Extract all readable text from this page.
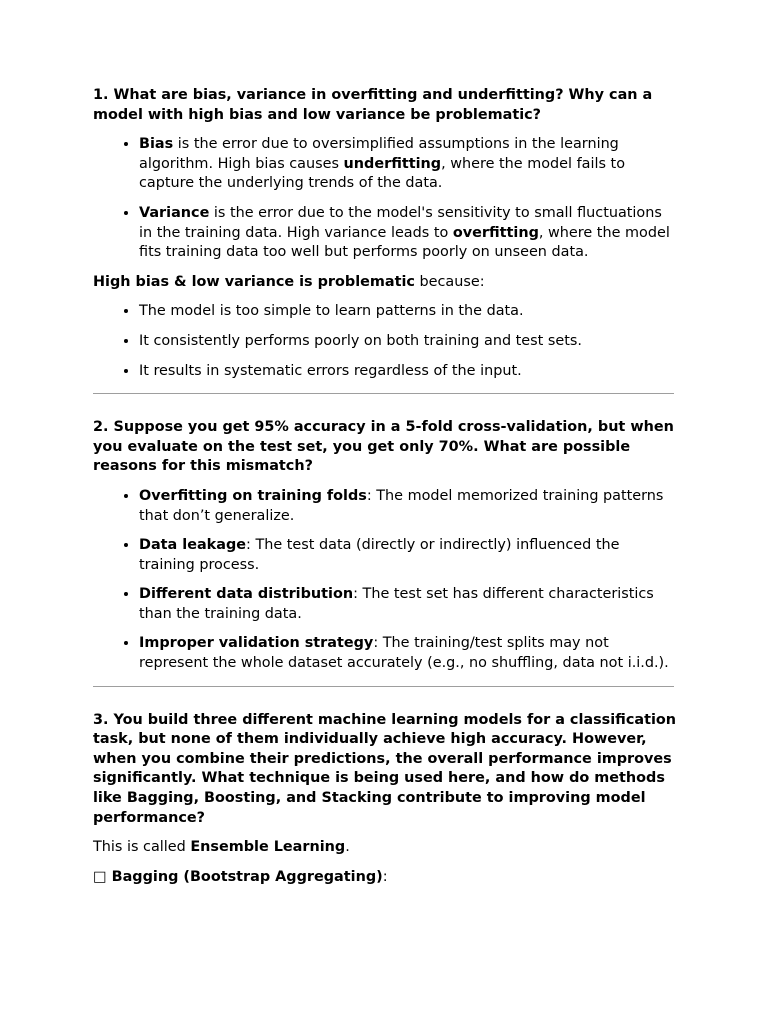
1. What are bias, variance in overfitting and underfitting? Why can a model with high bias and low variance be problematic?

• Bias is the error due to oversimplified assumptions in the learning algorithm. High bias causes underfitting, where the model fails to capture the underlying trends of the data.
• Variance is the error due to the model's sensitivity to small fluctuations in the training data. High variance leads to overfitting, where the model fits training data too well but performs poorly on unseen data.

High bias & low variance is problematic because:

• The model is too simple to learn patterns in the data.
• It consistently performs poorly on both training and test sets.
• It results in systematic errors regardless of the input.

2. Suppose you get 95% accuracy in a 5-fold cross-validation, but when you evaluate on the test set, you get only 70%. What are possible reasons for this mismatch?

• Overfitting on training folds: The model memorized training patterns that don’t generalize.
• Data leakage: The test data (directly or indirectly) influenced the training process.
• Different data distribution: The test set has different characteristics than the training data.
• Improper validation strategy: The training/test splits may not represent the whole dataset accurately (e.g., no shuffling, data not i.i.d.).

3. You build three different machine learning models for a classification task, but none of them individually achieve high accuracy. However, when you combine their predictions, the overall performance improves significantly. What technique is being used here, and how do methods like Bagging, Boosting, and Stacking contribute to improving model performance?

This is called Ensemble Learning.

□ Bagging (Bootstrap Aggregating):
